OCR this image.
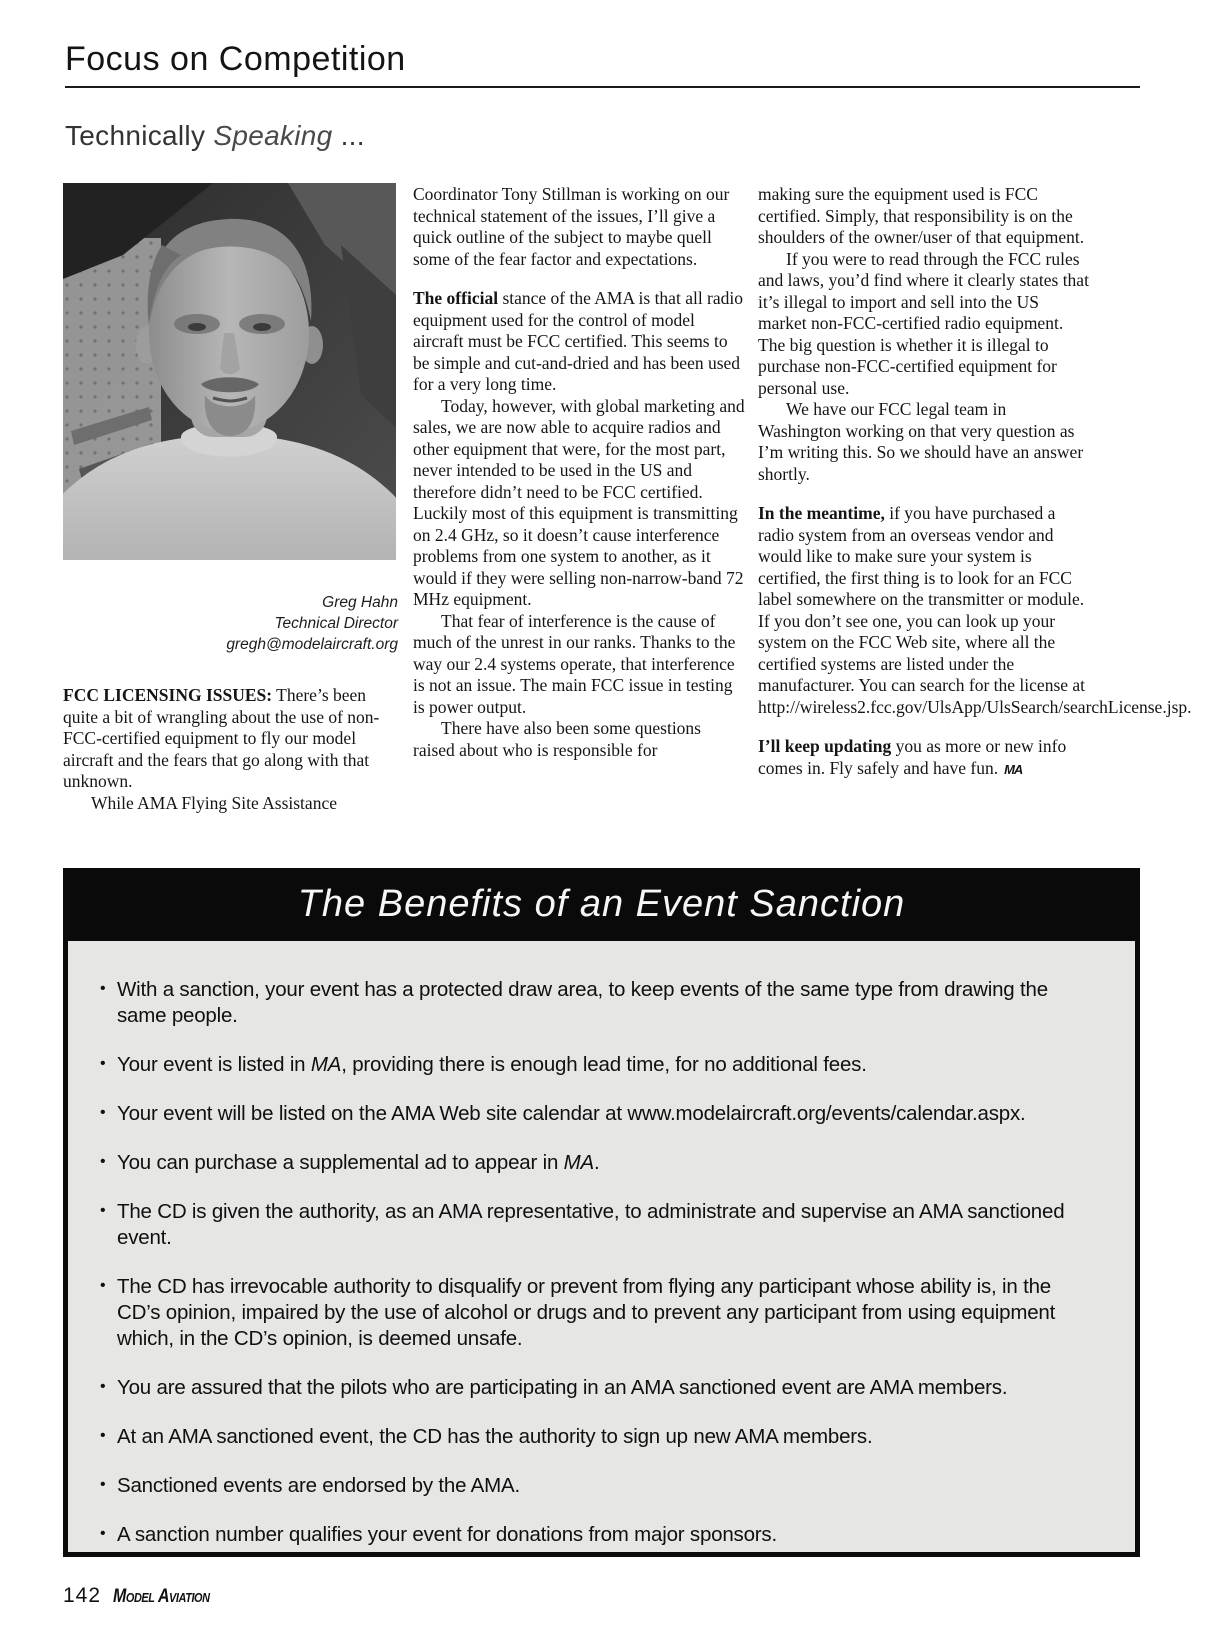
Focus on Competition
Technically Speaking ...
Greg Hahn
Technical Director
gregh@modelaircraft.org

FCC LICENSING ISSUES: There’s been quite a bit of wrangling about the use of non-FCC-certified equipment to fly our model aircraft and the fears that go along with that unknown.

While AMA Flying Site Assistance

Coordinator Tony Stillman is working on our technical statement of the issues, I’ll give a quick outline of the subject to maybe quell some of the fear factor and expectations.

The official stance of the AMA is that all radio equipment used for the control of model aircraft must be FCC certified. This seems to be simple and cut-and-dried and has been used for a very long time.

Today, however, with global marketing and sales, we are now able to acquire radios and other equipment that were, for the most part, never intended to be used in the US and therefore didn’t need to be FCC certified. Luckily most of this equipment is transmitting on 2.4 GHz, so it doesn’t cause interference problems from one system to another, as it would if they were selling non-narrow-band 72 MHz equipment.

That fear of interference is the cause of much of the unrest in our ranks. Thanks to the way our 2.4 systems operate, that interference is not an issue. The main FCC issue in testing is power output.

There have also been some questions raised about who is responsible for

making sure the equipment used is FCC certified. Simply, that responsibility is on the shoulders of the owner/user of that equipment.

If you were to read through the FCC rules and laws, you’d find where it clearly states that it’s illegal to import and sell into the US market non-FCC-certified radio equipment. The big question is whether it is illegal to purchase non-FCC-certified equipment for personal use.

We have our FCC legal team in Washington working on that very question as I’m writing this. So we should have an answer shortly.

In the meantime, if you have purchased a radio system from an overseas vendor and would like to make sure your system is certified, the first thing is to look for an FCC label somewhere on the transmitter or module. If you don’t see one, you can look up your system on the FCC Web site, where all the certified systems are listed under the manufacturer. You can search for the license at http://wireless2.fcc.gov/UlsApp/UlsSearch/searchLicense.jsp.

I’ll keep updating you as more or new info comes in. Fly safely and have fun. MA

The Benefits of an Event Sanction
• With a sanction, your event has a protected draw area, to keep events of the same type from drawing the same people.
• Your event is listed in MA, providing there is enough lead time, for no additional fees.
• Your event will be listed on the AMA Web site calendar at www.modelaircraft.org/events/calendar.aspx.
• You can purchase a supplemental ad to appear in MA.
• The CD is given the authority, as an AMA representative, to administrate and supervise an AMA sanctioned event.
• The CD has irrevocable authority to disqualify or prevent from flying any participant whose ability is, in the CD’s opinion, impaired by the use of alcohol or drugs and to prevent any participant from using equipment which, in the CD’s opinion, is deemed unsafe.
• You are assured that the pilots who are participating in an AMA sanctioned event are AMA members.
• At an AMA sanctioned event, the CD has the authority to sign up new AMA members.
• Sanctioned events are endorsed by the AMA.
• A sanction number qualifies your event for donations from major sponsors.
142 Model Aviation
